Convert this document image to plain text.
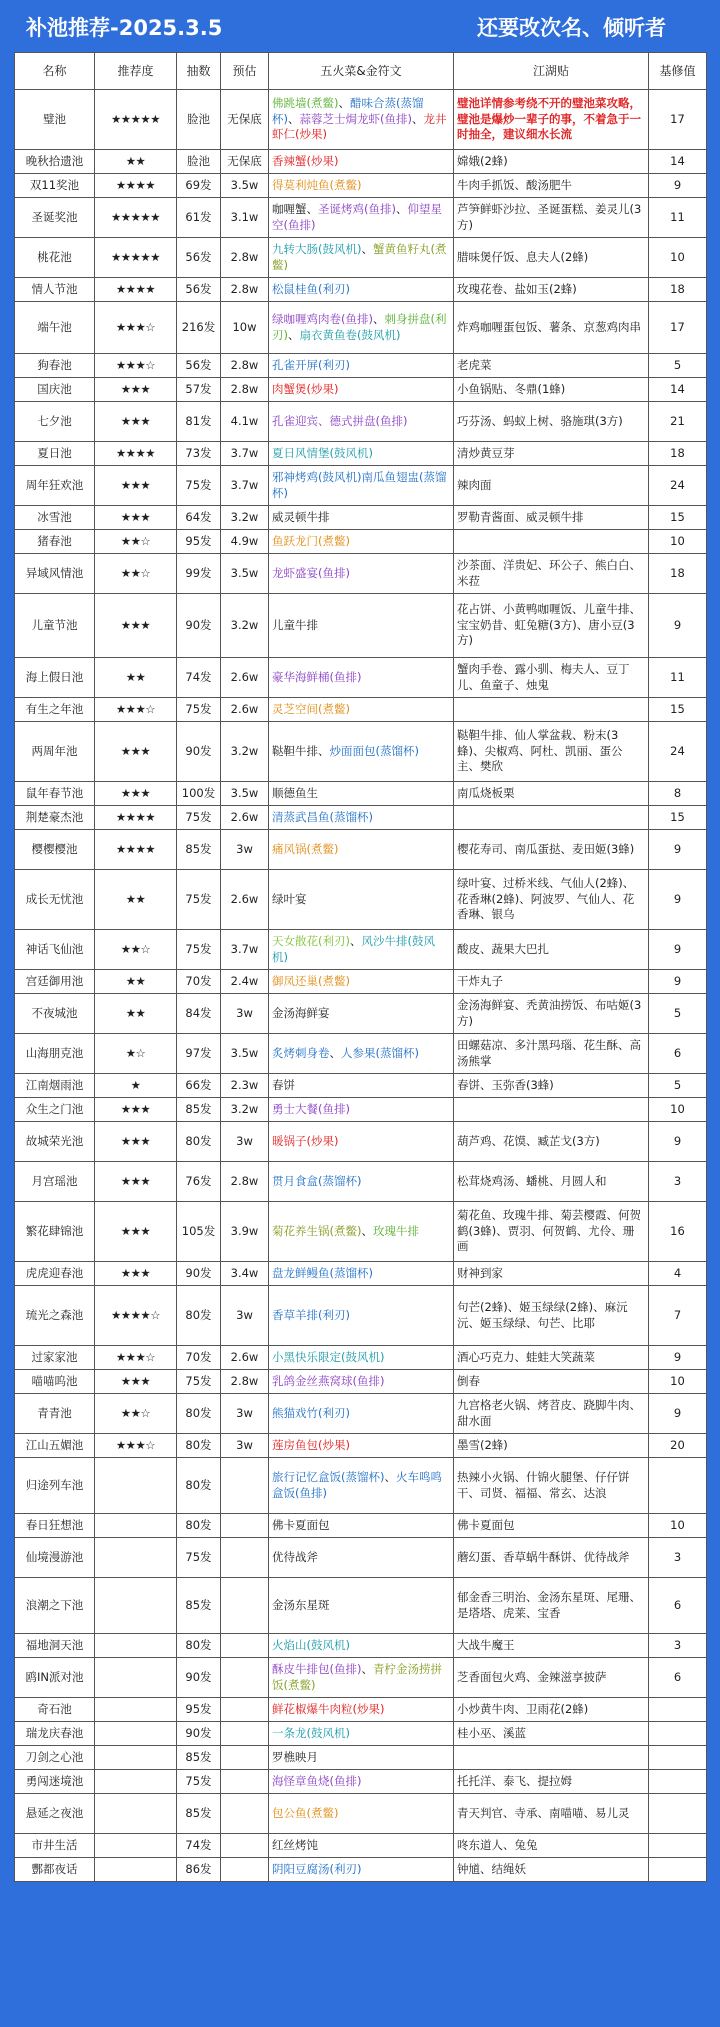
补池推荐-2025.3.5	还要改次名、倾听者
名称	推荐度	抽数	预估	五火菜&金符文	江湖贴	基修值
璧池	★★★★★	脸池	无保底	佛跳墙(煮鳖)、醋味合蒸(蒸馏杯)、蒜蓉芝士焗龙虾(鱼排)、龙井虾仁(炒果)	璧池详情参考绕不开的璧池菜攻略，璧池是爆炒一辈子的事，不着急于一时抽全，建议细水长流	17
晚秋拾遗池	★★	脸池	无保底	香辣蟹(炒果)	嫦娥(2蜂)	14
双11奖池	★★★★	69发	3.5w	得莫利炖鱼(煮鳖)	牛肉手抓饭、酸汤肥牛	9
圣诞奖池	★★★★★	61发	3.1w	咖喱蟹、圣诞烤鸡(鱼排)、仰望星空(鱼排)	芦笋鲜虾沙拉、圣诞蛋糕、姜灵儿(3方)	11
桃花池	★★★★★	56发	2.8w	九转大肠(鼓风机)、蟹黄鱼籽丸(煮鳖)	腊味煲仔饭、息夫人(2蜂)	10
情人节池	★★★★	56发	2.8w	松鼠桂鱼(利刃)	玫瑰花卷、盐如玉(2蜂)	18
端午池	★★★☆	216发	10w	绿咖喱鸡肉卷(鱼排)、刺身拼盘(利刃)、扇衣黄鱼卷(鼓风机)	炸鸡咖喱蛋包饭、薯条、京葱鸡肉串	17
狗春池	★★★☆	56发	2.8w	孔雀开屏(利刃)	老虎菜	5
国庆池	★★★	57发	2.8w	肉蟹煲(炒果)	小鱼锅贴、冬鼎(1蜂)	14
七夕池	★★★	81发	4.1w	孔雀迎宾、德式拼盘(鱼排)	巧芬汤、蚂蚁上树、骆施琪(3方)	21
夏日池	★★★★	73发	3.7w	夏日风情堡(鼓风机)	清炒黄豆芽	18
周年狂欢池	★★★	75发	3.7w	邪神烤鸡(鼓风机)南瓜鱼翅盅(蒸馏杯)	辣肉面	24
冰雪池	★★★	64发	3.2w	威灵顿牛排	罗勒青酱面、威灵顿牛排	15
猪春池	★★☆	95发	4.9w	鱼跃龙门(煮鳖)		10
异域风情池	★★☆	99发	3.5w	龙虾盛宴(鱼排)	沙茶面、洋贵妃、环公子、熊白白、米菈	18
儿童节池	★★★	90发	3.2w	儿童牛排	花占饼、小黄鸭咖喱饭、儿童牛排、宝宝奶昔、虹兔糖(3方)、唐小豆(3方)	9
海上假日池	★★	74发	2.6w	豪华海鲜桶(鱼排)	蟹肉手卷、露小驯、梅夫人、豆丁儿、鱼童子、烛鬼	11
有生之年池	★★★☆	75发	2.6w	灵芝空间(煮鳖)		15
两周年池	★★★	90发	3.2w	鞑靼牛排、炒面面包(蒸馏杯)	鞑靼牛排、仙人掌盆栽、粉末(3蜂)、尖椒鸡、阿杜、凯丽、蛋公主、樊欣	24
鼠年春节池	★★★	100发	3.5w	顺德鱼生	南瓜烧板栗	8
荆楚豪杰池	★★★★	75发	2.6w	清蒸武昌鱼(蒸馏杯)		15
樱樱樱池	★★★★	85发	3w	痛风锅(煮鳖)	樱花寿司、南瓜蛋挞、麦田姬(3蜂)	9
成长无忧池	★★	75发	2.6w	绿叶宴	绿叶宴、过桥米线、气仙人(2蜂)、花香琳(2蜂)、阿波罗、气仙人、花香琳、银乌	9
神话飞仙池	★★☆	75发	3.7w	天女散花(利刃)、风沙牛排(鼓风机)	酸皮、蔬果大巴扎	9
宫廷御用池	★★	70发	2.4w	御凤还巢(煮鳖)	干炸丸子	9
不夜城池	★★	84发	3w	金汤海鲜宴	金汤海鲜宴、秃黄油捞饭、布咕姬(3方)	5
山海朋克池	★☆	97发	3.5w	炙烤刺身卷、人参果(蒸馏杯)	田螺菇凉、多汁黑玛瑙、花生酥、高汤熊掌	6
江南烟雨池	★	66发	2.3w	春饼	春饼、玉弥香(3蜂)	5
众生之门池	★★★	85发	3.2w	勇士大餐(鱼排)		10
故城荣光池	★★★	80发	3w	暖锅子(炒果)	葫芦鸡、花馍、臧芷戈(3方)	9
月宫瑶池	★★★	76发	2.8w	贯月食盒(蒸馏杯)	松茸烧鸡汤、蟠桃、月圆人和	3
繁花肆锦池	★★★	105发	3.9w	菊花养生锅(煮鳖)、玫瑰牛排	菊花鱼、玫瑰牛排、菊芸樱霞、何贺鹤(3蜂)、贾羽、何贺鹤、尤伶、珊画	16
虎虎迎春池	★★★	90发	3.4w	盘龙鲜鳗鱼(蒸馏杯)	财神到家	4
琉光之森池	★★★★☆	80发	3w	香草羊排(利刃)	句芒(2蜂)、姬玉绿绿(2蜂)、麻沅沅、姬玉绿绿、句芒、比耶	7
过家家池	★★★☆	70发	2.6w	小黑快乐限定(鼓风机)	酒心巧克力、蛙蛙大笑蔬菜	9
喵喵呜池	★★★	75发	2.8w	乳鸽金丝燕窝球(鱼排)	倒春	10
青青池	★★☆	80发	3w	熊猫戏竹(利刃)	九宫格老火锅、烤苕皮、跷脚牛肉、甜水面	9
江山五媚池	★★★☆	80发	3w	莲房鱼包(炒果)	墨雪(2蜂)	20
归途列车池		80发		旅行记忆盒饭(蒸馏杯)、火车鸣鸣盒饭(鱼排)	热辣小火锅、什锦火腿堡、仔仔饼干、司贤、福福、常玄、达浪	
春日狂想池		80发		佛卡夏面包	佛卡夏面包	10
仙境漫游池		75发		优待战斧	蘑幻蛋、香草蜗牛酥饼、优待战斧	3
浪潮之下池		85发		金汤东星斑	郁金香三明治、金汤东星斑、尾珊、是塔塔、虎莱、宝香	6
福地洞天池		80发		火焰山(鼓风机)	大战牛魔王	3
鸥IN派对池		90发		酥皮牛排包(鱼排)、青柠金汤捞拼饭(煮鳖)	芝香面包火鸡、金辣滋享披萨	6
奇石池		95发		鲜花椒爆牛肉粒(炒果)	小炒黄牛肉、卫雨花(2蜂)	
瑞龙庆春池		90发		一条龙(鼓风机)	桂小巫、溪蓝	
刀剑之心池		85发		罗樵映月		
勇闯迷境池		75发		海怪章鱼烧(鱼排)	托托洋、泰飞、提拉姆	
悬延之夜池		85发		包公鱼(煮鳖)	青天判官、寺承、南喵喵、易儿灵	
市井生活		74发		红丝烤饨	咚东道人、兔兔	
酆都夜话		86发		阴阳豆腐汤(利刃)	钟馗、结绳妖	
